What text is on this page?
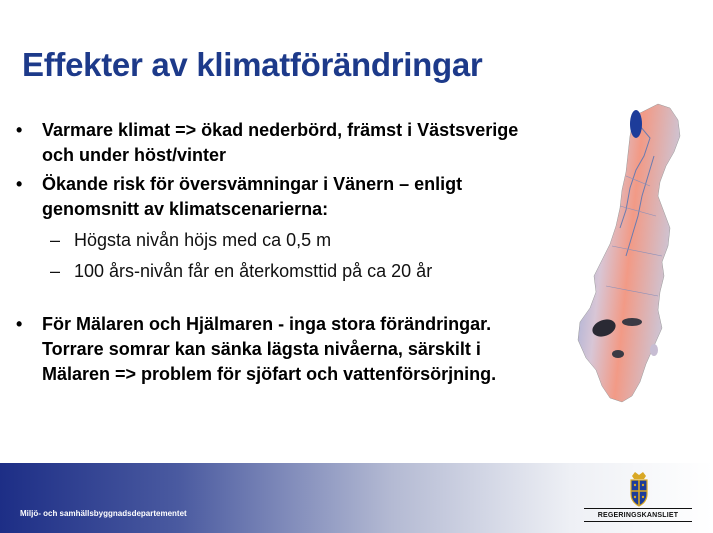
Effekter av klimatförändringar
• Varmare klimat => ökad nederbörd, främst i Västsverige och under höst/vinter
• Ökande risk för översvämningar i Vänern – enligt genomsnitt av klimatscenarierna:
– Högsta nivån höjs med ca 0,5 m
– 100 års-nivån får en återkomsttid på ca 20 år
• För Mälaren och Hjälmaren - inga stora förändringar. Torrare somrar kan sänka lägsta nivåerna, särskilt i Mälaren => problem för sjöfart och vattenförsörjning.
Miljö- och samhällsbyggnadsdepartementet	REGERINGSKANSLIET
